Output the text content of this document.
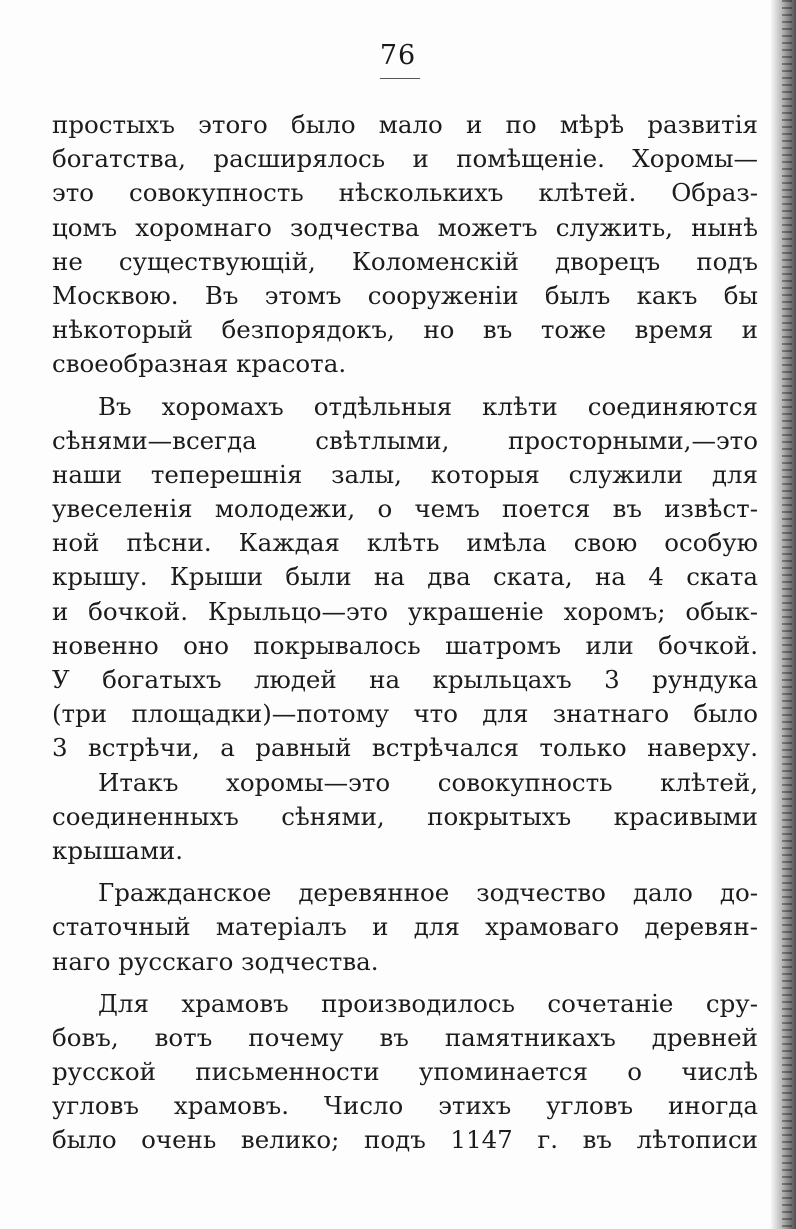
76
простыхъ этого было мало и по мѣрѣ развитія
богатства, расширялось и помѣщеніе. Хоромы—
это совокупность нѣсколькихъ клѣтей. Образ-
цомъ хоромнаго зодчества можетъ служить, нынѣ
не существующій, Коломенскій дворецъ подъ
Москвою. Въ этомъ сооруженіи былъ какъ бы
нѣкоторый безпорядокъ, но въ тоже время и
своеобразная красота.
Въ хоромахъ отдѣльныя клѣти соединяются
сѣнями—всегда свѣтлыми, просторными,—это
наши теперешнія залы, которыя служили для
увеселенія молодежи, о чемъ поется въ извѣст-
ной пѣсни. Каждая клѣть имѣла свою особую
крышу. Крыши были на два ската, на 4 ската
и бочкой. Крыльцо—это украшеніе хоромъ; обык-
новенно оно покрывалось шатромъ или бочкой.
У богатыхъ людей на крыльцахъ 3 рундука
(три площадки)—потому что для знатнаго было
3 встрѣчи, а равный встрѣчался только наверху.
Итакъ хоромы—это совокупность клѣтей,
соединенныхъ сѣнями, покрытыхъ красивыми
крышами.
Гражданское деревянное зодчество дало до-
статочный матеріалъ и для храмоваго деревян-
наго русскаго зодчества.
Для храмовъ производилось сочетаніе сру-
бовъ, вотъ почему въ памятникахъ древней
русской письменности упоминается о числѣ
угловъ храмовъ. Число этихъ угловъ иногда
было очень велико; подъ 1147 г. въ лѣтописи
